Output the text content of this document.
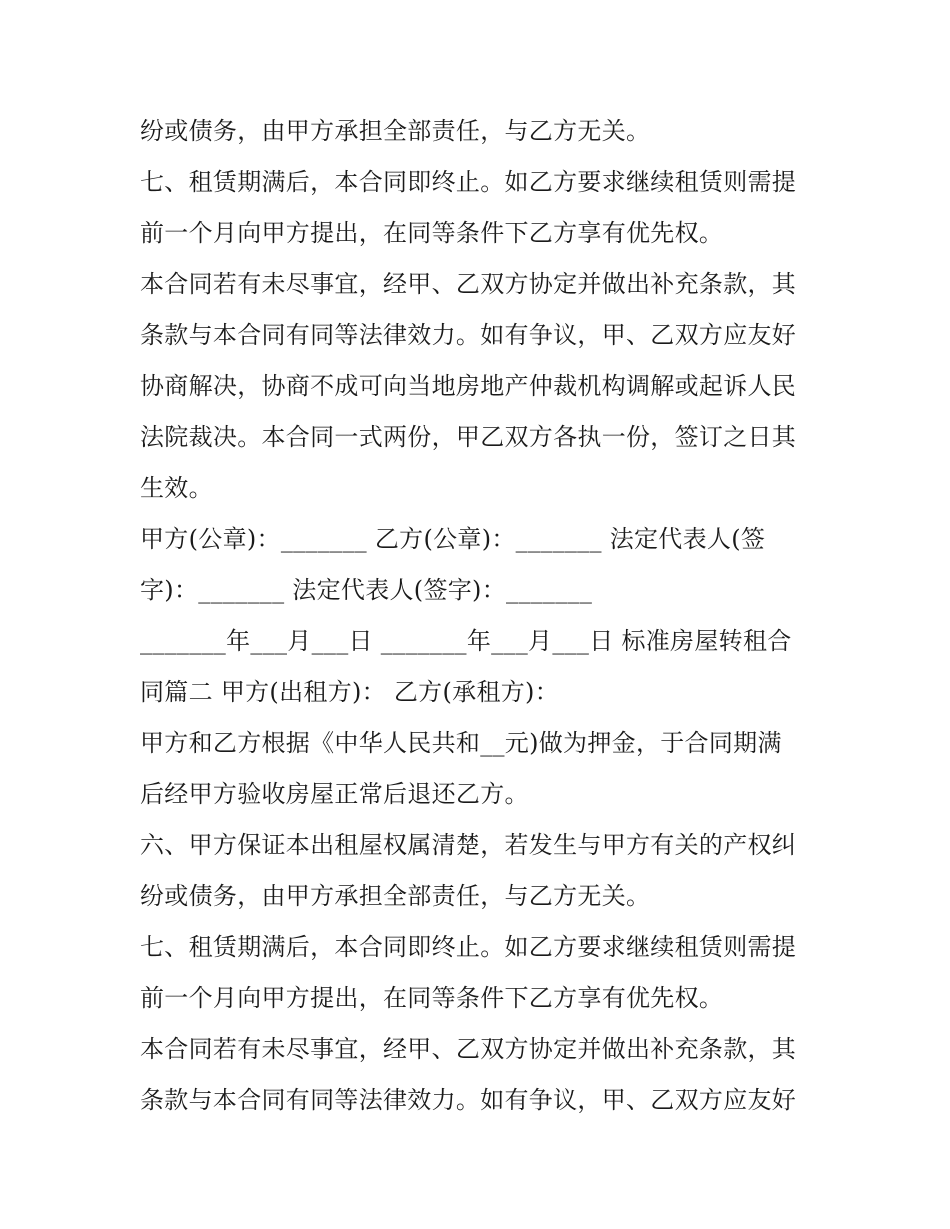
纷或债务，由甲方承担全部责任，与乙方无关。

七、租赁期满后，本合同即终止。如乙方要求继续租赁则需提

前一个月向甲方提出，在同等条件下乙方享有优先权。

本合同若有未尽事宜，经甲、乙双方协定并做出补充条款，其

条款与本合同有同等法律效力。如有争议，甲、乙双方应友好

协商解决，协商不成可向当地房地产仲裁机构调解或起诉人民

法院裁决。本合同一式两份，甲乙双方各执一份，签订之日其

生效。

甲方(公章)：_______ 乙方(公章)：_______ 法定代表人(签

字)：_______ 法定代表人(签字)：_______

_______年___月___日 _______年___月___日 标准房屋转租合

同篇二 甲方(出租方)： 乙方(承租方)：

甲方和乙方根据《中华人民共和__元)做为押金，于合同期满

后经甲方验收房屋正常后退还乙方。

六、甲方保证本出租屋权属清楚，若发生与甲方有关的产权纠

纷或债务，由甲方承担全部责任，与乙方无关。

七、租赁期满后，本合同即终止。如乙方要求继续租赁则需提

前一个月向甲方提出，在同等条件下乙方享有优先权。

本合同若有未尽事宜，经甲、乙双方协定并做出补充条款，其

条款与本合同有同等法律效力。如有争议，甲、乙双方应友好
